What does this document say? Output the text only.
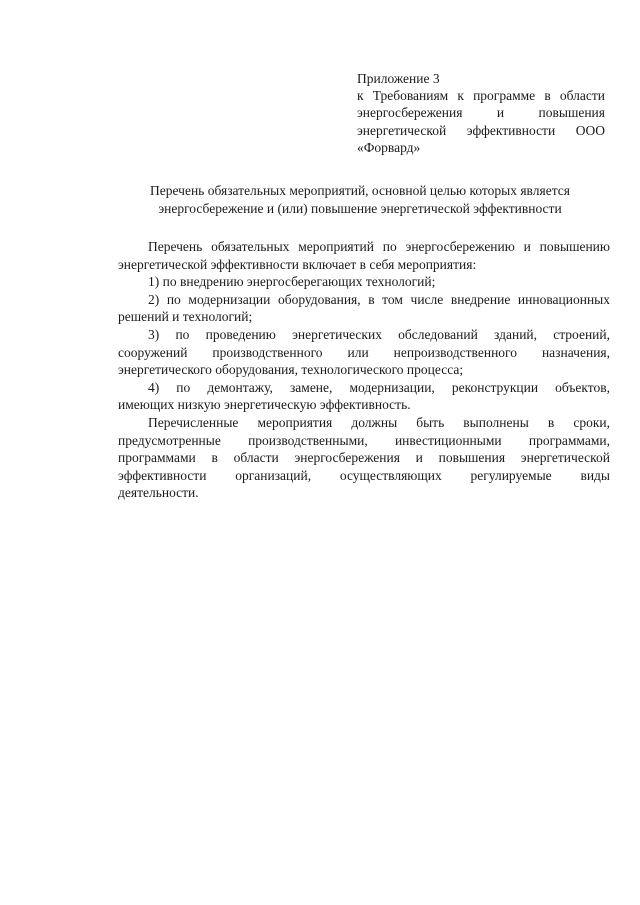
Приложение 3
к Требованиям к программе в области
энергосбережения и повышения
энергетической эффективности ООО
«Форвард»
Перечень обязательных мероприятий, основной целью которых является
энергосбережение и (или) повышение энергетической эффективности
Перечень обязательных мероприятий по энергосбережению и повышению
энергетической эффективности включает в себя мероприятия:
1) по внедрению энергосберегающих технологий;
2) по модернизации оборудования, в том числе внедрение инновационных
решений и технологий;
3) по проведению энергетических обследований зданий, строений,
сооружений производственного или непроизводственного назначения,
энергетического оборудования, технологического процесса;
4) по демонтажу, замене, модернизации, реконструкции объектов,
имеющих низкую энергетическую эффективность.
Перечисленные мероприятия должны быть выполнены в сроки,
предусмотренные производственными, инвестиционными программами,
программами в области энергосбережения и повышения энергетической
эффективности организаций, осуществляющих регулируемые виды
деятельности.
